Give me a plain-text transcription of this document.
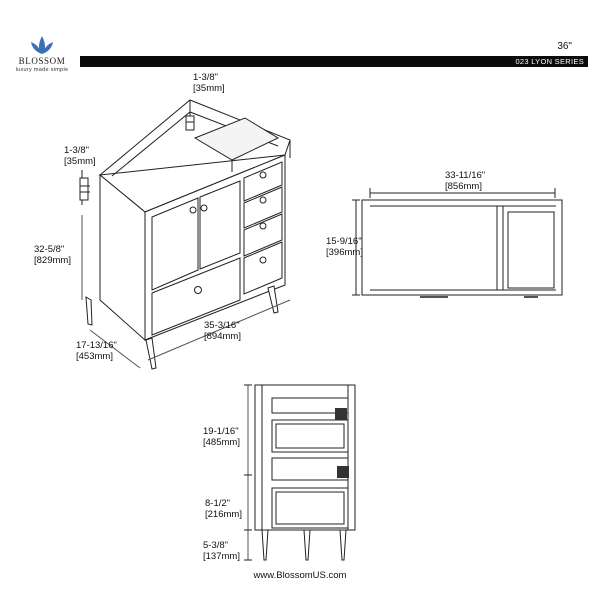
BLOSSOM
luxury made simple
36"
023 LYON SERIES
1-3/8"
[35mm]
1-3/8"
[35mm]
32-5/8"
[829mm]
35-3/16"
[894mm]
17-13/16"
[453mm]
33-11/16"
[856mm]
15-9/16"
[396mm]
19-1/16"
[485mm]
8-1/2"
[216mm]
5-3/8"
[137mm]
www.BlossomUS.com
